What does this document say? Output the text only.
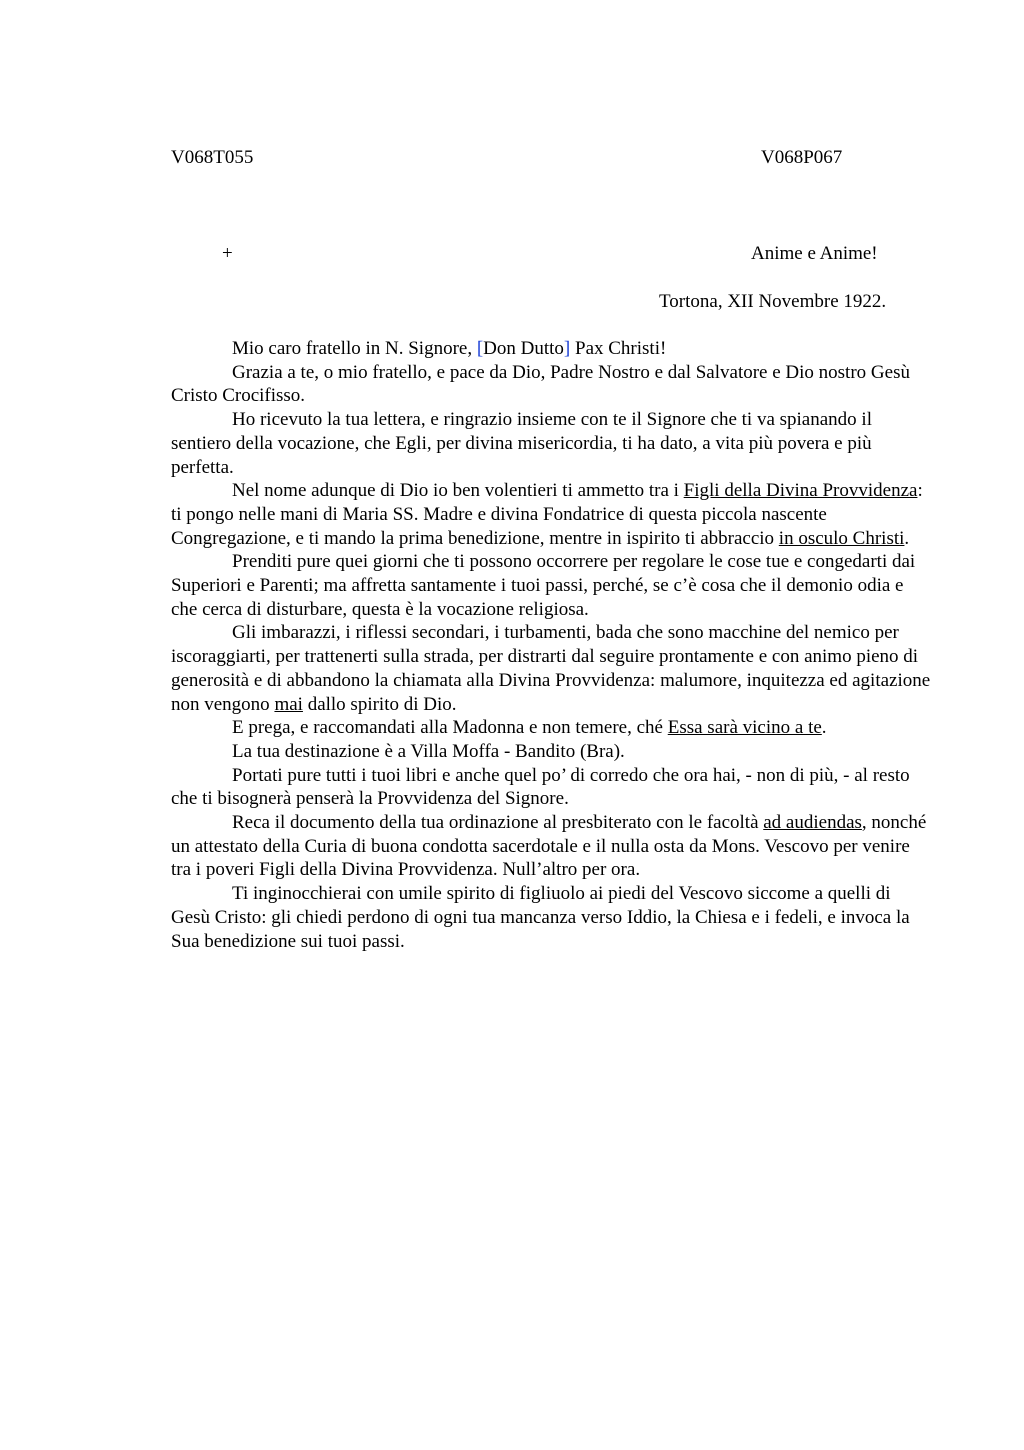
V068T055	V068P067
+	Anime e Anime!
Tortona, XII Novembre 1922.

Mio caro fratello in N. Signore, [Don Dutto] Pax Christi!

Grazia a te, o mio fratello, e pace da Dio, Padre Nostro e dal Salvatore e Dio nostro Gesù Cristo Crocifisso.

Ho ricevuto la tua lettera, e ringrazio insieme con te il Signore che ti va spianando il sentiero della vocazione, che Egli, per divina misericordia, ti ha dato, a vita più povera e più perfetta.

Nel nome adunque di Dio io ben volentieri ti ammetto tra i Figli della Divina Provvidenza: ti pongo nelle mani di Maria SS. Madre e divina Fondatrice di questa piccola nascente Congregazione, e ti mando la prima benedizione, mentre in ispirito ti abbraccio in osculo Christi.

Prenditi pure quei giorni che ti possono occorrere per regolare le cose tue e congedarti dai Superiori e Parenti; ma affretta santamente i tuoi passi, perché, se c’è cosa che il demonio odia e che cerca di disturbare, questa è la vocazione religiosa.

Gli imbarazzi, i riflessi secondari, i turbamenti, bada che sono macchine del nemico per iscoraggiarti, per trattenerti sulla strada, per distrarti dal seguire prontamente e con animo pieno di generosità e di abbandono la chiamata alla Divina Provvidenza: malumore, inquitezza ed agitazione non vengono mai dallo spirito di Dio.

E prega, e raccomandati alla Madonna e non temere, ché Essa sarà vicino a te.

La tua destinazione è a Villa Moffa - Bandito (Bra).

Portati pure tutti i tuoi libri e anche quel po’ di corredo che ora hai, - non di più, - al resto che ti bisognerà penserà la Provvidenza del Signore.

Reca il documento della tua ordinazione al presbiterato con le facoltà ad audiendas, nonché un attestato della Curia di buona condotta sacerdotale e il nulla osta da Mons. Vescovo per venire tra i poveri Figli della Divina Provvidenza. Null’altro per ora.

Ti inginocchierai con umile spirito di figliuolo ai piedi del Vescovo siccome a quelli di Gesù Cristo: gli chiedi perdono di ogni tua mancanza verso Iddio, la Chiesa e i fedeli, e invoca la Sua benedizione sui tuoi passi.
